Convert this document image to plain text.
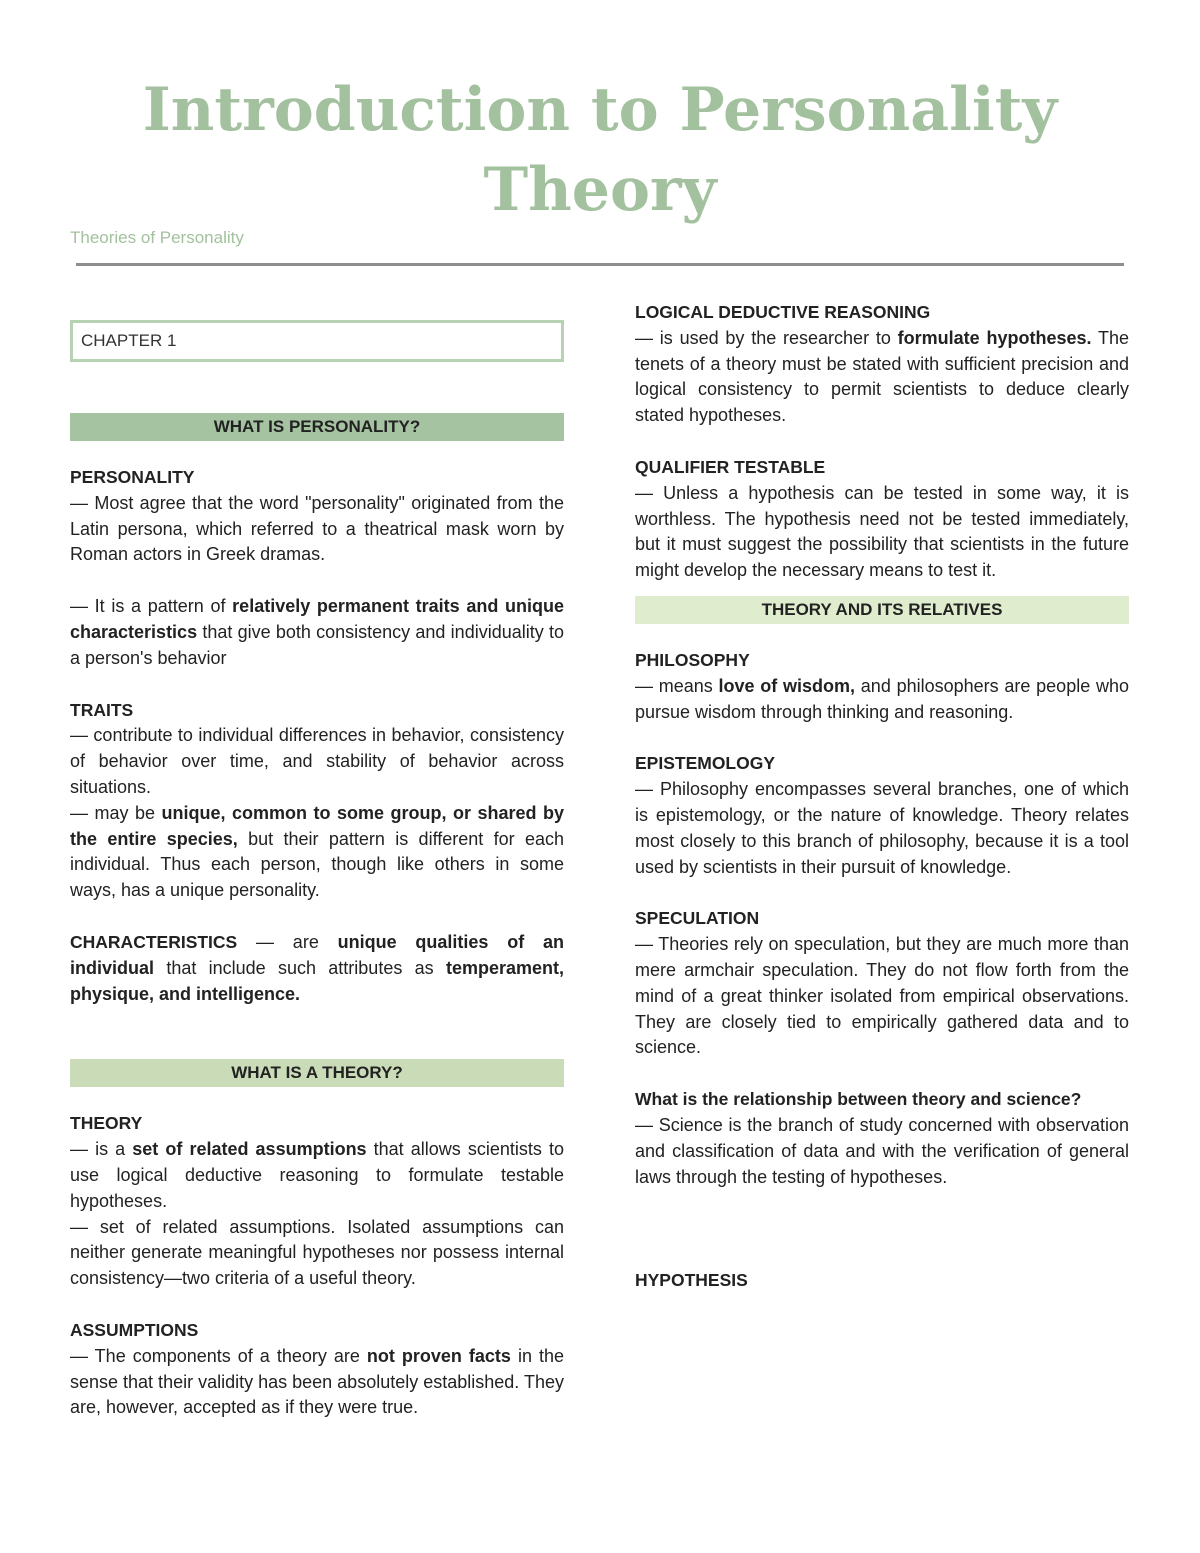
Introduction to Personality
Theory
Theories of Personality
CHAPTER 1
WHAT IS PERSONALITY?
PERSONALITY

— Most agree that the word "personality" originated from the Latin persona, which referred to a theatrical mask worn by Roman actors in Greek dramas.

— It is a pattern of relatively permanent traits and unique characteristics that give both consistency and individuality to a person's behavior

TRAITS

— contribute to individual differences in behavior, consistency of behavior over time, and stability of behavior across situations.

— may be unique, common to some group, or shared by the entire species, but their pattern is different for each individual. Thus each person, though like others in some ways, has a unique personality.

CHARACTERISTICS — are unique qualities of an individual that include such attributes as temperament, physique, and intelligence.

WHAT IS A THEORY?
THEORY

— is a set of related assumptions that allows scientists to use logical deductive reasoning to formulate testable hypotheses.

— set of related assumptions. Isolated assumptions can neither generate meaningful hypotheses nor possess internal consistency—two criteria of a useful theory.

ASSUMPTIONS

— The components of a theory are not proven facts in the sense that their validity has been absolutely established. They are, however, accepted as if they were true.

LOGICAL DEDUCTIVE REASONING

— is used by the researcher to formulate hypotheses. The tenets of a theory must be stated with sufficient precision and logical consistency to permit scientists to deduce clearly stated hypotheses.

QUALIFIER TESTABLE

— Unless a hypothesis can be tested in some way, it is worthless. The hypothesis need not be tested immediately, but it must suggest the possibility that scientists in the future might develop the necessary means to test it.

THEORY AND ITS RELATIVES
PHILOSOPHY

— means love of wisdom, and philosophers are people who pursue wisdom through thinking and reasoning.

EPISTEMOLOGY

— Philosophy encompasses several branches, one of which is epistemology, or the nature of knowledge. Theory relates most closely to this branch of philosophy, because it is a tool used by scientists in their pursuit of knowledge.

SPECULATION

— Theories rely on speculation, but they are much more than mere armchair speculation. They do not flow forth from the mind of a great thinker isolated from empirical observations. They are closely tied to empirically gathered data and to science.

What is the relationship between theory and science?

— Science is the branch of study concerned with observation and classification of data and with the verification of general laws through the testing of hypotheses.

HYPOTHESIS
